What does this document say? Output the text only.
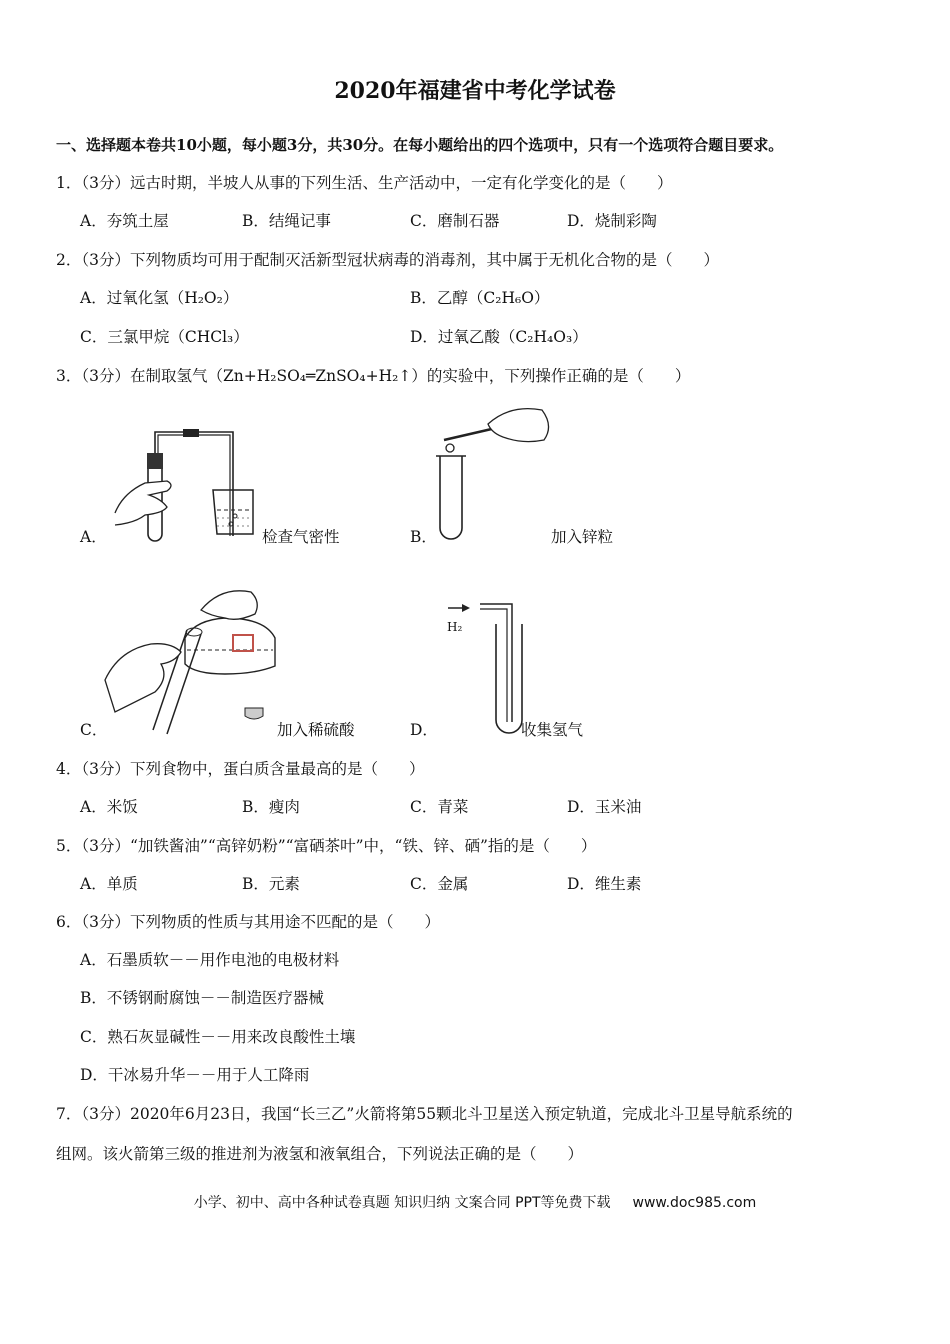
2020年福建省中考化学试卷
一、选择题本卷共10小题，每小题3分，共30分。在每小题给出的四个选项中，只有一个选项符合题目要求。
1．（3分）远古时期，半坡人从事的下列生活、生产活动中，一定有化学变化的是（　　）
A．夯筑土屋	B．结绳记事	C．磨制石器	D．烧制彩陶
2．（3分）下列物质均可用于配制灭活新型冠状病毒的消毒剂，其中属于无机化合物的是（　　）
A．过氧化氢（H₂O₂）	B．乙醇（C₂H₆O）
C．三氯甲烷（CHCl₃）	D．过氧乙酸（C₂H₄O₃）
3．（3分）在制取氢气（Zn+H₂SO₄═ZnSO₄+H₂↑）的实验中，下列操作正确的是（　　）
A．	检查气密性	B．	加入锌粒
C．	加入稀硫酸
H₂
D．	收集氢气
4．（3分）下列食物中，蛋白质含量最高的是（　　）
A．米饭	B．瘦肉	C．青菜	D．玉米油
5．（3分）“加铁酱油”“高锌奶粉”“富硒茶叶”中，“铁、锌、硒”指的是（　　）
A．单质	B．元素	C．金属	D．维生素
6．（3分）下列物质的性质与其用途不匹配的是（　　）
A．石墨质软－－用作电池的电极材料
B．不锈钢耐腐蚀－－制造医疗器械
C．熟石灰显碱性－－用来改良酸性土壤
D．干冰易升华－－用于人工降雨
7．（3分）2020年6月23日，我国“长三乙”火箭将第55颗北斗卫星送入预定轨道，完成北斗卫星导航系统的
组网。该火箭第三级的推进剂为液氢和液氧组合，下列说法正确的是（　　）
小学、初中、高中各种试卷真题 知识归纳 文案合同 PPT等免费下载 www.doc985.com
